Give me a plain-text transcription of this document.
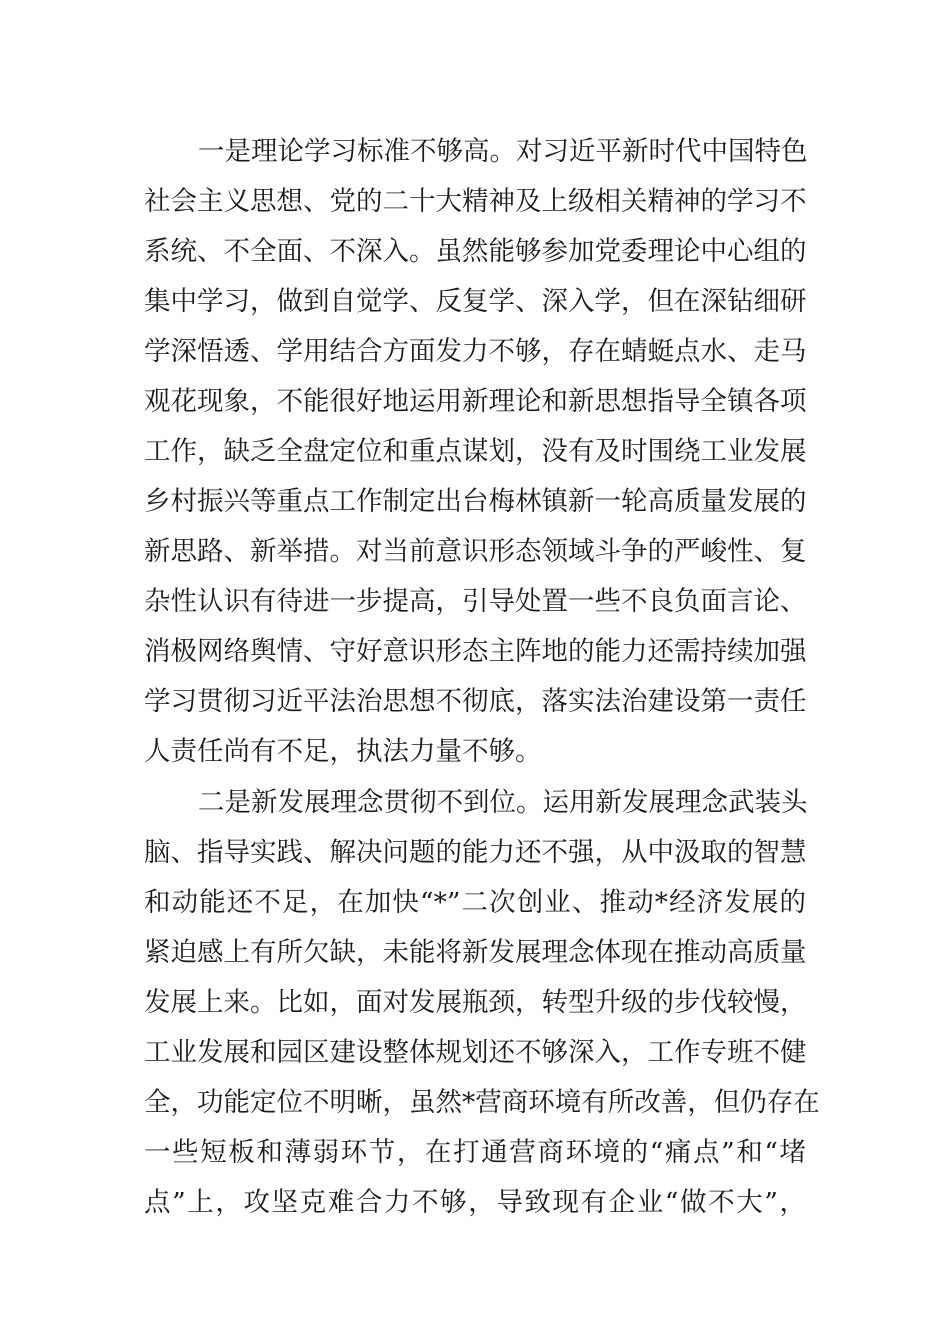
一是理论学习标准不够高。对习近平新时代中国特色
社会主义思想、党的二十大精神及上级相关精神的学习不
系统、不全面、不深入。虽然能够参加党委理论中心组的
集中学习，做到自觉学、反复学、深入学，但在深钻细研
学深悟透、学用结合方面发力不够，存在蜻蜓点水、走马
观花现象，不能很好地运用新理论和新思想指导全镇各项
工作，缺乏全盘定位和重点谋划，没有及时围绕工业发展
乡村振兴等重点工作制定出台梅林镇新一轮高质量发展的
新思路、新举措。对当前意识形态领域斗争的严峻性、复
杂性认识有待进一步提高，引导处置一些不良负面言论、
消极网络舆情、守好意识形态主阵地的能力还需持续加强
学习贯彻习近平法治思想不彻底，落实法治建设第一责任
人责任尚有不足，执法力量不够。
二是新发展理念贯彻不到位。运用新发展理念武装头
脑、指导实践、解决问题的能力还不强，从中汲取的智慧
和动能还不足，在加快“*”二次创业、推动*经济发展的
紧迫感上有所欠缺，未能将新发展理念体现在推动高质量
发展上来。比如，面对发展瓶颈，转型升级的步伐较慢，
工业发展和园区建设整体规划还不够深入，工作专班不健
全，功能定位不明晰，虽然*营商环境有所改善，但仍存在
一些短板和薄弱环节，在打通营商环境的“痛点”和“堵
点”上，攻坚克难合力不够，导致现有企业“做不大”，
